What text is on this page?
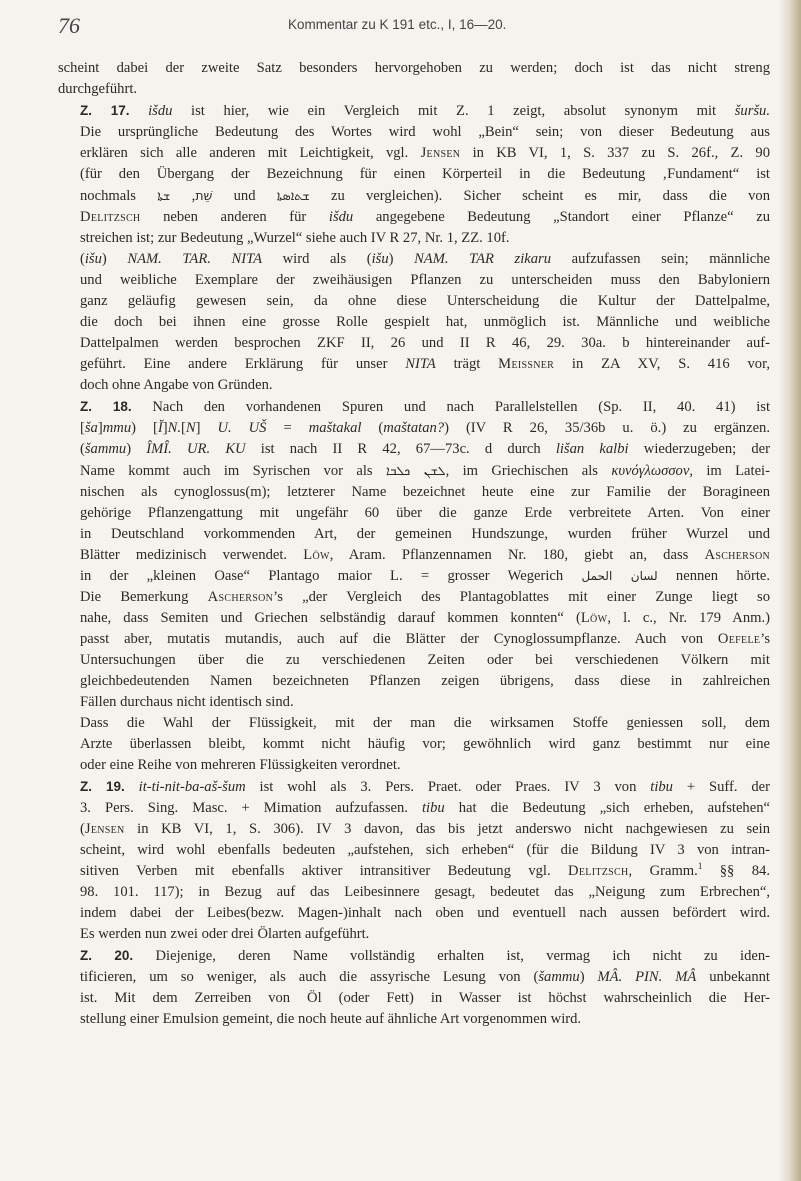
76	Kommentar zu K 191 etc., I, 16—20.

scheint dabei der zweite Satz besonders hervorgehoben zu werden; doch ist das nicht streng
durchgeführt.

Z. 17. išdu ist hier, wie ein Vergleich mit Z. 1 zeigt, absolut synonym mit šuršu.
Die ursprüngliche Bedeutung des Wortes wird wohl „Bein“ sein; von dieser Bedeutung aus
erklären sich alle anderen mit Leichtigkeit, vgl. Jensen in KB VI, 1, S. 337 zu S. 26f., Z. 90
(für den Übergang der Bezeichnung für einen Körperteil in die Bedeutung ‚Fundament“ ist
nochmals	שֵׁת, ܫܬܐ	und ܫܬܐܣܬܐ zu vergleichen). Sicher scheint es mir, dass die von
Delitzsch neben anderen für išdu angegebene Bedeutung „Standort einer Pflanze“ zu
streichen ist; zur Bedeutung „Wurzel“ siehe auch IV R 27, Nr. 1, ZZ. 10f.

(išu) NAM. TAR. NITA wird als (išu) NAM. TAR zikaru aufzufassen sein; männliche
und weibliche Exemplare der zweihäusigen Pflanzen zu unterscheiden muss den Babyloniern
ganz geläufig gewesen sein, da ohne diese Unterscheidung die Kultur der Dattelpalme,
die doch bei ihnen eine grosse Rolle gespielt hat, unmöglich ist. Männliche und weibliche
Dattelpalmen werden besprochen ZKF II, 26 und II R 46, 29. 30a. b hintereinander auf-
geführt. Eine andere Erklärung für unser NITA trägt Meissner in ZA XV, S. 416 vor,
doch ohne Angabe von Gründen.

Z. 18. Nach den vorhandenen Spuren und nach Parallelstellen (Sp. II, 40. 41) ist
[ša]mmu) [Ĭ]N.[N] U. UŠ = maštakal (maštatan?) (IV R 26, 35/36b u. ö.) zu ergänzen.
(šammu) ÎMÎ. UR. KU ist nach II R 42, 67—73c. d durch lišan kalbi wiederzugeben; der
Name kommt auch im Syrischen vor als ܠܫܢ ܟܠܒܐ, im Griechischen als κυνόγλωσσον, im Latei-
nischen als cynoglossus(m); letzterer Name bezeichnet heute eine zur Familie der Boragineen
gehörige Pflanzengattung mit ungefähr 60 über die ganze Erde verbreitete Arten. Von einer
in Deutschland vorkommenden Art, der gemeinen Hundszunge, wurden früher Wurzel und
Blätter medizinisch verwendet. Löw, Aram. Pflanzennamen Nr. 180, giebt an, dass Ascherson
in der „kleinen Oase“ Plantago maior L. = grosser Wegerich لسان الحمل nennen hörte.
Die Bemerkung Ascherson’s „der Vergleich des Plantagoblattes mit einer Zunge liegt so
nahe, dass Semiten und Griechen selbständig darauf kommen konnten“ (Löw, l. c., Nr. 179 Anm.)
passt aber, mutatis mutandis, auch auf die Blätter der Cynoglossumpflanze. Auch von Oefele’s
Untersuchungen über die zu verschiedenen Zeiten oder bei verschiedenen Völkern mit
gleichbedeutenden Namen bezeichneten Pflanzen zeigen übrigens, dass diese in zahlreichen
Fällen durchaus nicht identisch sind.

Dass die Wahl der Flüssigkeit, mit der man die wirksamen Stoffe geniessen soll, dem
Arzte überlassen bleibt, kommt nicht häufig vor; gewöhnlich wird ganz bestimmt nur eine
oder eine Reihe von mehreren Flüssigkeiten verordnet.

Z. 19. it-ti-nit-ba-aš-šum ist wohl als 3. Pers. Praet. oder Praes. IV 3 von tibu + Suff. der
3. Pers. Sing. Masc. + Mimation aufzufassen. tibu hat die Bedeutung „sich erheben, aufstehen“
(Jensen in KB VI, 1, S. 306). IV 3 davon, das bis jetzt anderswo nicht nachgewiesen zu sein
scheint, wird wohl ebenfalls bedeuten „aufstehen, sich erheben“ (für die Bildung IV 3 von intran-
sitiven Verben mit ebenfalls aktiver intransitiver Bedeutung vgl. Delitzsch, Gramm.$^1$ §§ 84.
98. 101. 117); in Bezug auf das Leibesinnere gesagt, bedeutet das „Neigung zum Erbrechen“,
indem dabei der Leibes(bezw. Magen-)inhalt nach oben und eventuell nach aussen befördert wird.
Es werden nun zwei oder drei Ölarten aufgeführt.

Z. 20. Diejenige, deren Name vollständig erhalten ist, vermag ich nicht zu iden-
tificieren, um so weniger, als auch die assyrische Lesung von (šammu) MÂ. PIN. MÂ unbekannt
ist. Mit dem Zerreiben von Öl (oder Fett) in Wasser ist höchst wahrscheinlich die Her-
stellung einer Emulsion gemeint, die noch heute auf ähnliche Art vorgenommen wird.
